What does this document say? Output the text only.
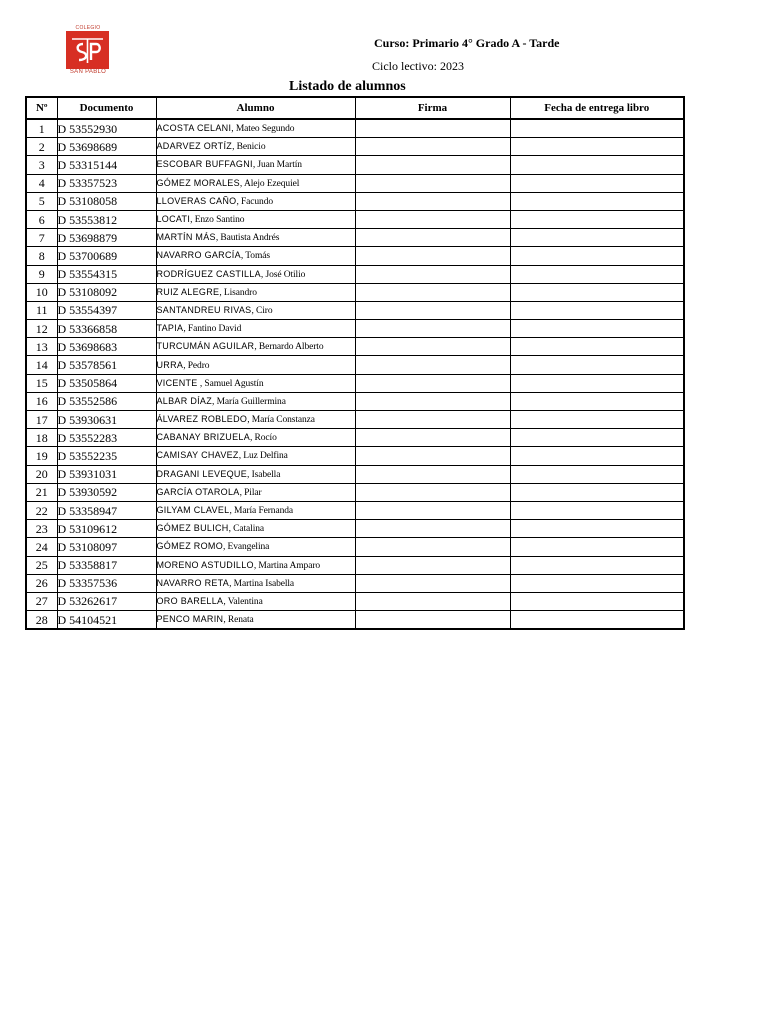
COLEGIO
SAN PABLO
Curso: Primario 4° Grado A - Tarde
Ciclo lectivo: 2023
Listado de alumnos
Nº	Documento	Alumno	Firma	Fecha de entrega libro
1	D 53552930	ACOSTA CELANI, Mateo Segundo		
2	D 53698689	ADARVEZ ORTÍZ, Benicio		
3	D 53315144	ESCOBAR BUFFAGNI, Juan Martín		
4	D 53357523	GÓMEZ MORALES, Alejo Ezequiel		
5	D 53108058	LLOVERAS CAÑO, Facundo		
6	D 53553812	LOCATI, Enzo Santino		
7	D 53698879	MARTÍN MÁS, Bautista Andrés		
8	D 53700689	NAVARRO GARCÍA, Tomás		
9	D 53554315	RODRÍGUEZ CASTILLA, José Otilio		
10	D 53108092	RUIZ ALEGRE, Lisandro		
11	D 53554397	SANTANDREU RIVAS, Ciro		
12	D 53366858	TAPIA, Fantino David		
13	D 53698683	TURCUMÁN AGUILAR, Bernardo Alberto		
14	D 53578561	URRA, Pedro		
15	D 53505864	VICENTE , Samuel Agustín		
16	D 53552586	ALBAR DÍAZ, María Guillermina		
17	D 53930631	ÁLVAREZ ROBLEDO, María Constanza		
18	D 53552283	CABANAY BRIZUELA, Rocío		
19	D 53552235	CAMISAY CHAVEZ, Luz Delfina		
20	D 53931031	DRAGANI LEVEQUE, Isabella		
21	D 53930592	GARCÍA OTAROLA, Pilar		
22	D 53358947	GILYAM CLAVEL, María Fernanda		
23	D 53109612	GÓMEZ BULICH, Catalina		
24	D 53108097	GÓMEZ ROMO, Evangelina		
25	D 53358817	MORENO ASTUDILLO, Martina Amparo		
26	D 53357536	NAVARRO RETA, Martina Isabella		
27	D 53262617	ORO BARELLA, Valentina		
28	D 54104521	PENCO MARIN, Renata		
